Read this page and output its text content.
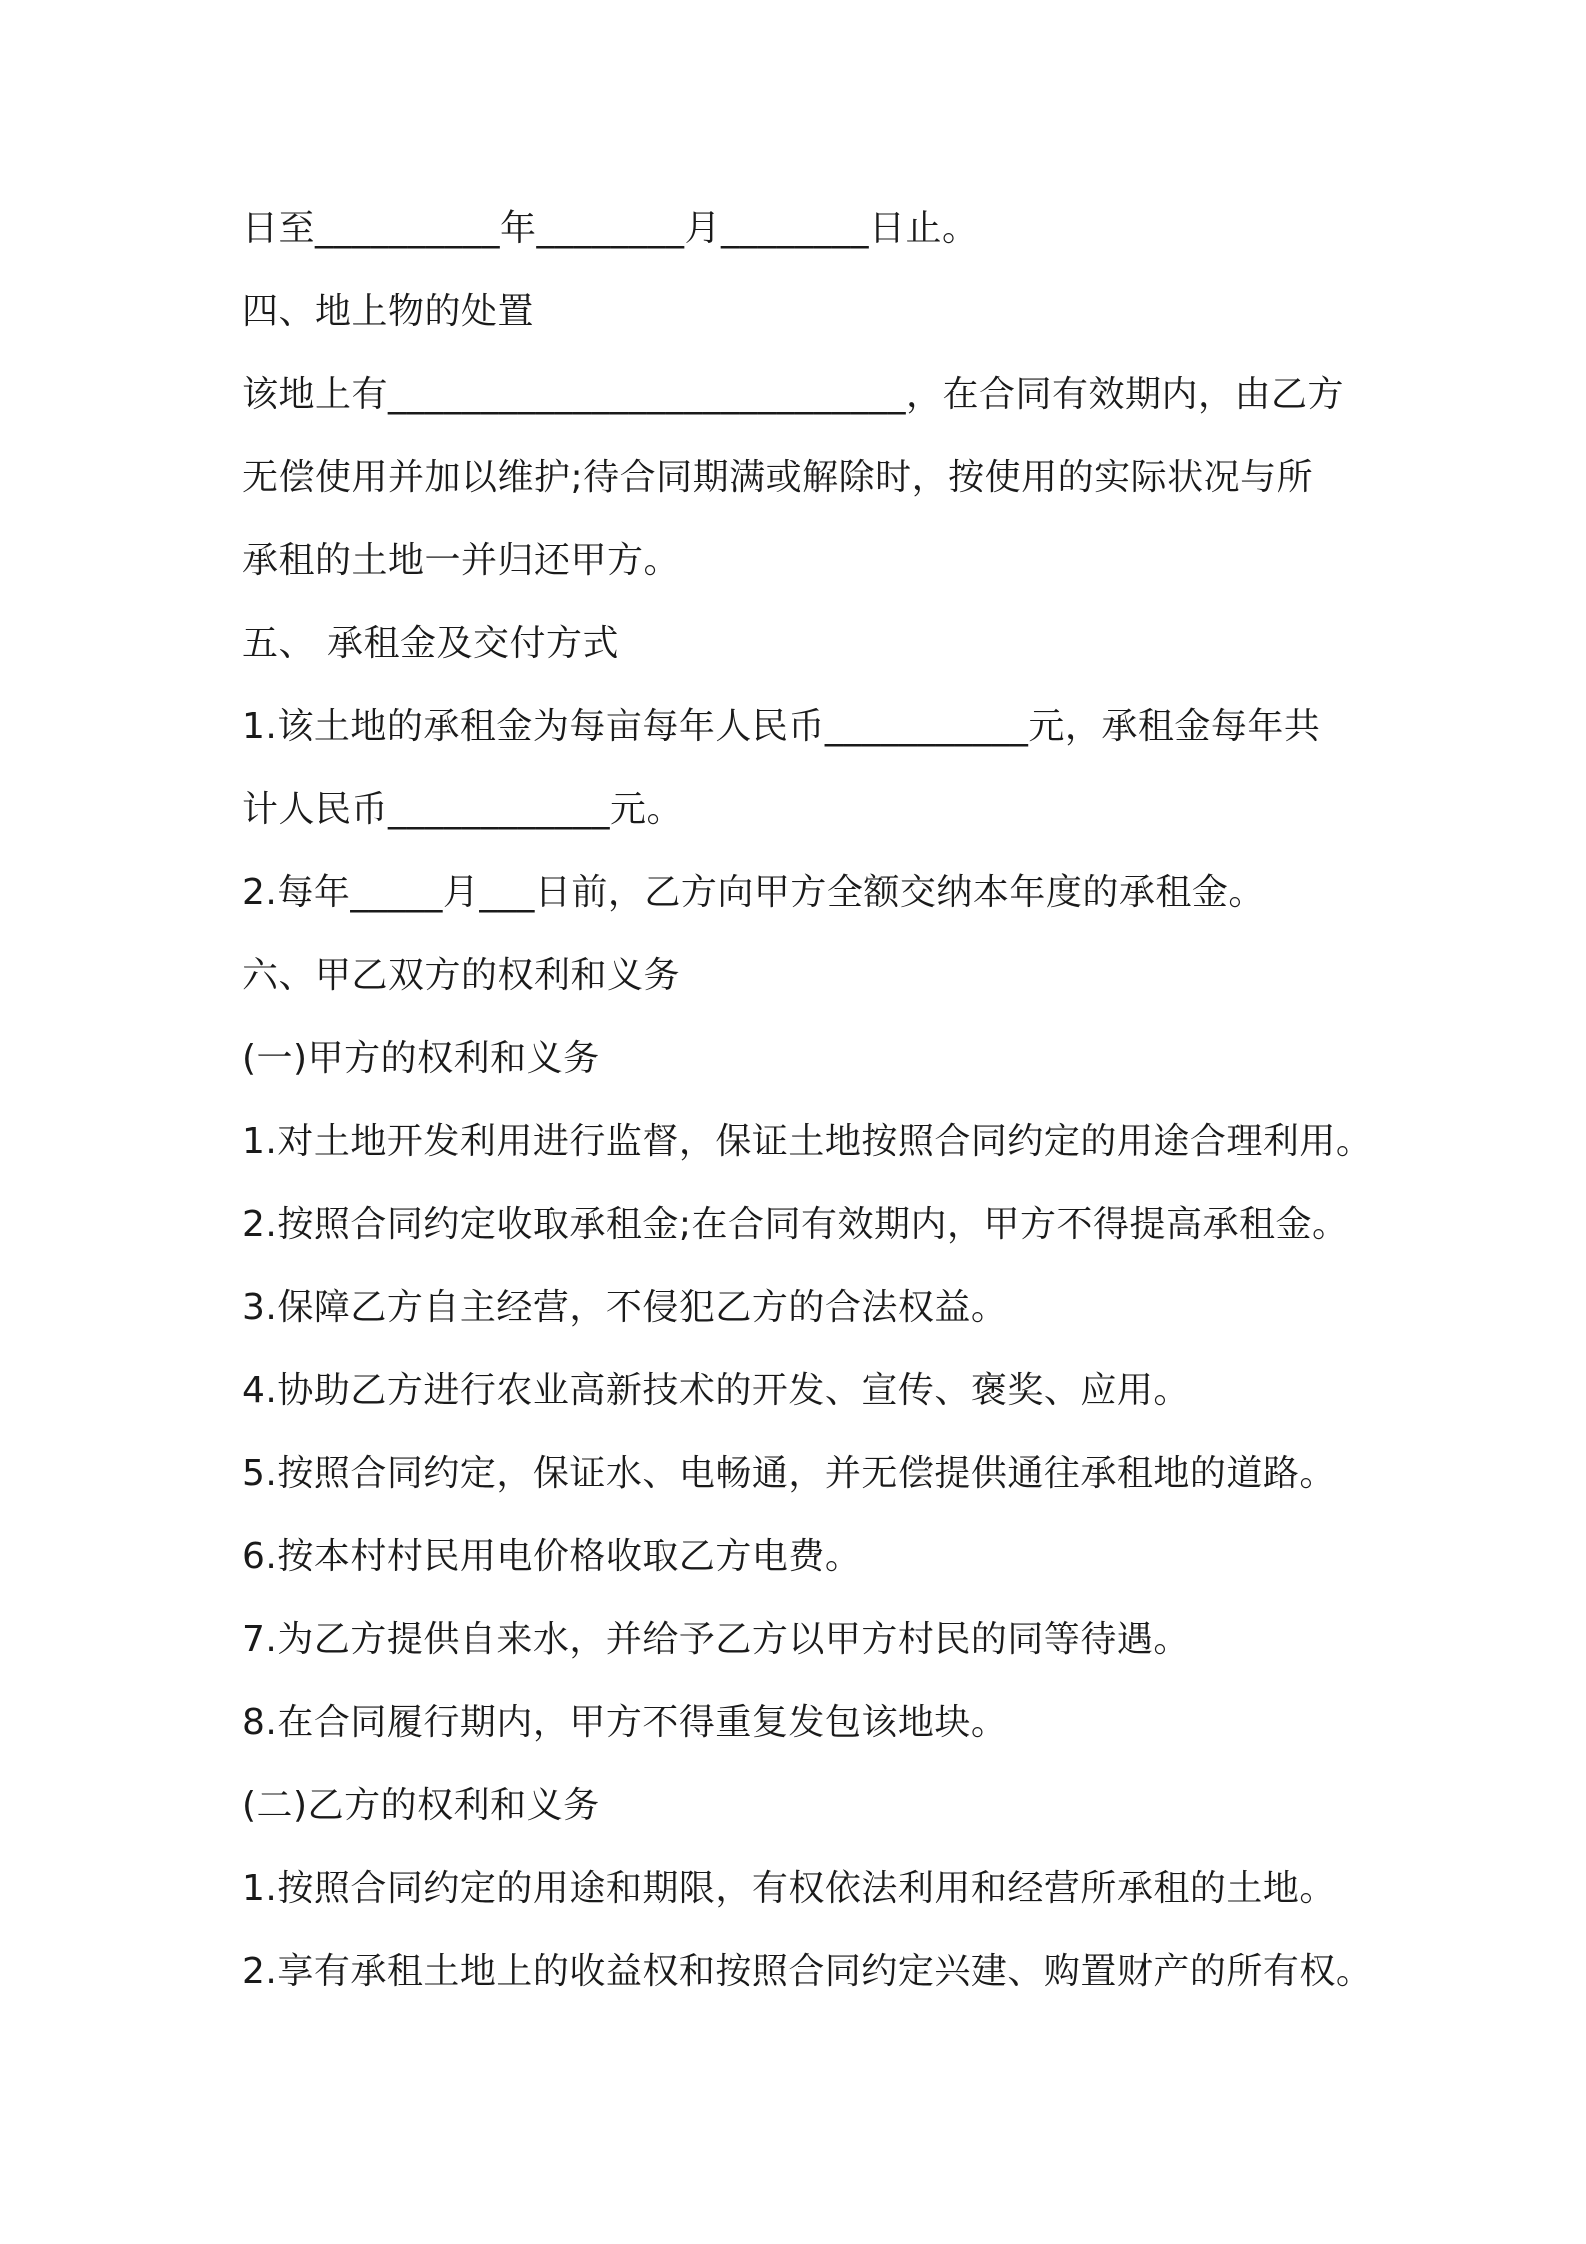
日至__________年________月________日止。
四、地上物的处置
该地上有____________________________，在合同有效期内，由乙方
无偿使用并加以维护;待合同期满或解除时，按使用的实际状况与所
承租的土地一并归还甲方。
五、 承租金及交付方式
1.该土地的承租金为每亩每年人民币___________元，承租金每年共
计人民币____________元。
2.每年_____月___日前，乙方向甲方全额交纳本年度的承租金。
六、甲乙双方的权利和义务
(一)甲方的权利和义务
1.对土地开发利用进行监督，保证土地按照合同约定的用途合理利用。
2.按照合同约定收取承租金;在合同有效期内，甲方不得提高承租金。
3.保障乙方自主经营，不侵犯乙方的合法权益。
4.协助乙方进行农业高新技术的开发、宣传、褒奖、应用。
5.按照合同约定，保证水、电畅通，并无偿提供通往承租地的道路。
6.按本村村民用电价格收取乙方电费。
7.为乙方提供自来水，并给予乙方以甲方村民的同等待遇。
8.在合同履行期内，甲方不得重复发包该地块。
(二)乙方的权利和义务
1.按照合同约定的用途和期限，有权依法利用和经营所承租的土地。
2.享有承租土地上的收益权和按照合同约定兴建、购置财产的所有权。
